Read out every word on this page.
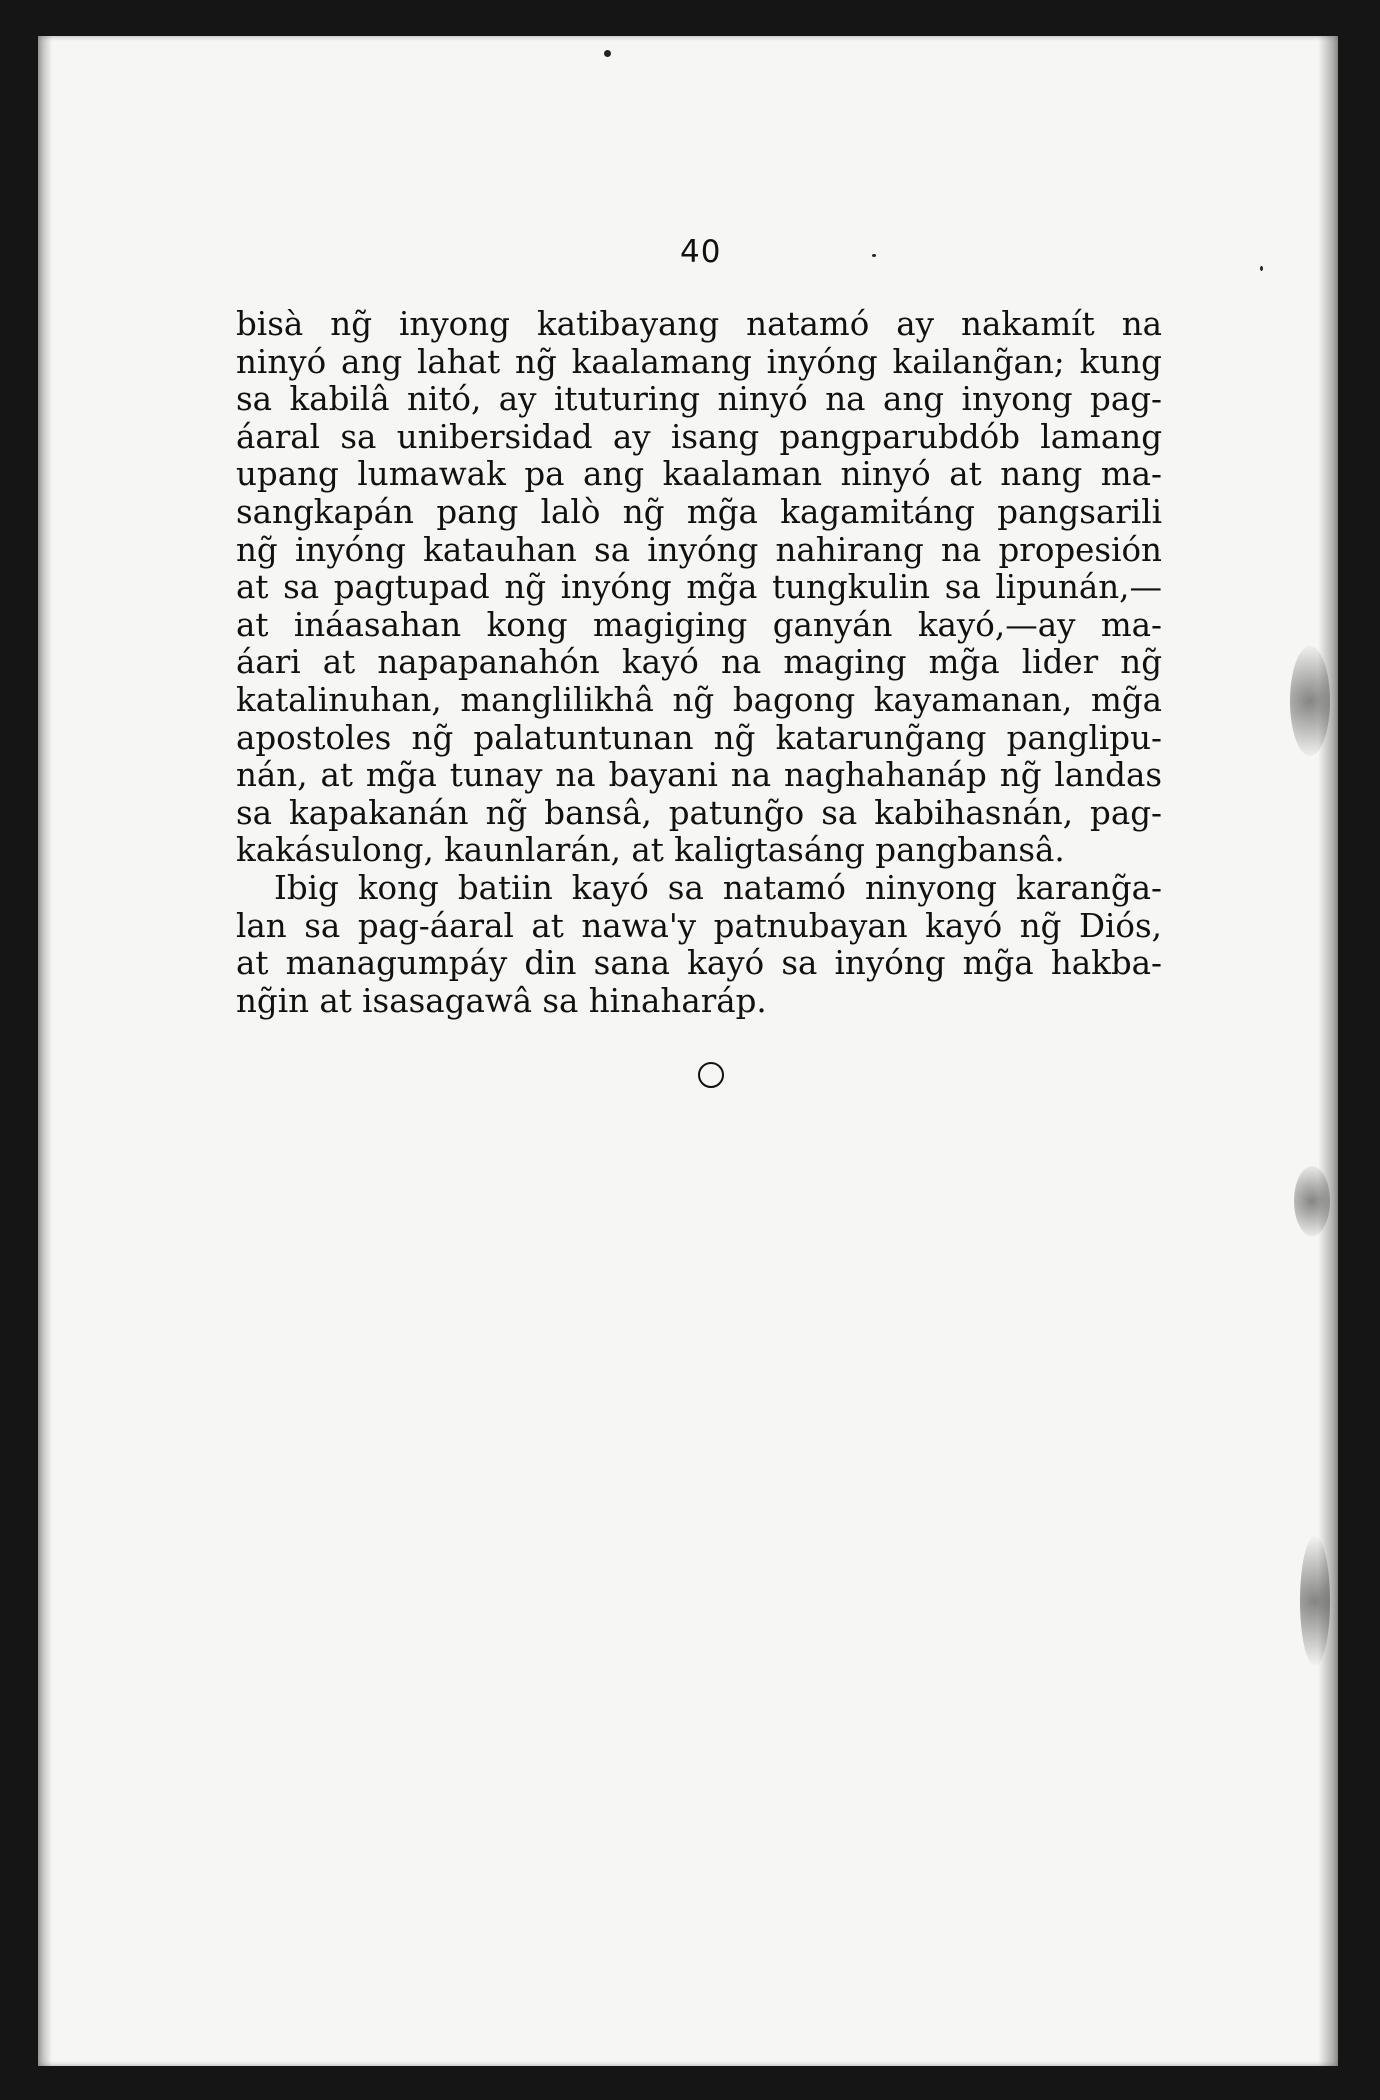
40
bisà ng̃ inyong katibayang natamó ay nakamít na
ninyó ang lahat ng̃ kaalamang inyóng kailang̃an; kung
sa kabilâ nitó, ay ituturing ninyó na ang inyong pag-
áaral sa unibersidad ay isang pangparubdób lamang
upang lumawak pa ang kaalaman ninyó at nang ma-
sangkapán pang lalò ng̃ mg̃a kagamitáng pangsarili
ng̃ inyóng katauhan sa inyóng nahirang na propesión
at sa pagtupad ng̃ inyóng mg̃a tungkulin sa lipunán,—
at ináasahan kong magiging ganyán kayó,—ay ma-
áari at napapanahón kayó na maging mg̃a lider ng̃
katalinuhan, manglilikhâ ng̃ bagong kayamanan, mg̃a
apostoles ng̃ palatuntunan ng̃ katarung̃ang panglipu-
nán, at mg̃a tunay na bayani na naghahanáp ng̃ landas
sa kapakanán ng̃ bansâ, patung̃o sa kabihasnán, pag-
kakásulong, kaunlarán, at kaligtasáng pangbansâ.
Ibig kong batiin kayó sa natamó ninyong karang̃a-
lan sa pag-áaral at nawa'y patnubayan kayó ng̃ Diós,
at managumpáy din sana kayó sa inyóng mg̃a hakba-
ng̃in at isasagawâ sa hinaharáp.
